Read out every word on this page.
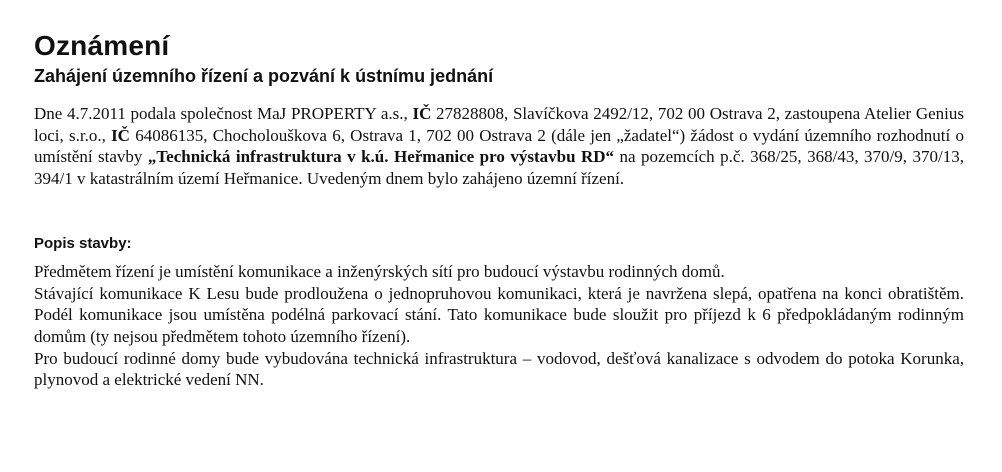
Oznámení
Zahájení územního řízení a pozvání k ústnímu jednání

Dne 4.7.2011 podala společnost MaJ PROPERTY a.s., IČ 27828808, Slavíčkova 2492/12, 702 00 Ostrava 2, zastoupena Atelier Genius loci, s.r.o., IČ 64086135, Chocholouškova 6, Ostrava 1, 702 00 Ostrava 2 (dále jen „žadatel“) žádost o vydání územního rozhodnutí o umístění stavby „Technická infrastruktura v k.ú. Heřmanice pro výstavbu RD“ na pozemcích p.č. 368/25, 368/43, 370/9, 370/13, 394/1 v katastrálním území Heřmanice. Uvedeným dnem bylo zahájeno územní řízení.

Popis stavby:

Předmětem řízení je umístění komunikace a inženýrských sítí pro budoucí výstavbu rodinných domů.

Stávající komunikace K Lesu bude prodloužena o jednopruhovou komunikaci, která je navržena slepá, opatřena na konci obratištěm. Podél komunikace jsou umístěna podélná parkovací stání. Tato komunikace bude sloužit pro příjezd k 6 předpokládaným rodinným domům (ty nejsou předmětem tohoto územního řízení).

Pro budoucí rodinné domy bude vybudována technická infrastruktura – vodovod, dešťová kanalizace s odvodem do potoka Korunka, plynovod a elektrické vedení NN.
